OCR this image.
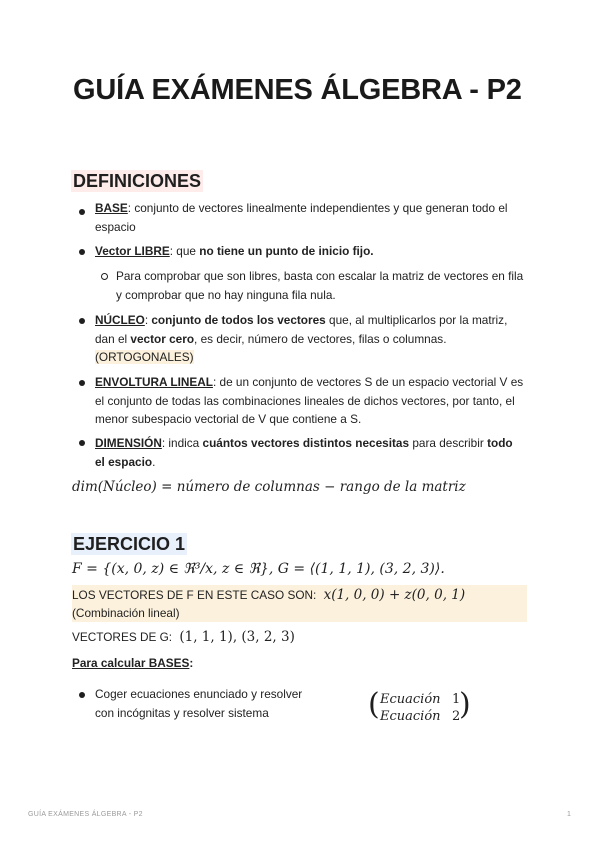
GUÍA EXÁMENES ÁLGEBRA - P2
DEFINICIONES
BASE: conjunto de vectores linealmente independientes y que generan todo el espacio
Vector LIBRE: que no tiene un punto de inicio fijo.
Para comprobar que son libres, basta con escalar la matriz de vectores en fila y comprobar que no hay ninguna fila nula.
NÚCLEO: conjunto de todos los vectores que, al multiplicarlos por la matriz, dan el vector cero, es decir, número de vectores, filas o columnas. (ORTOGONALES)
ENVOLTURA LINEAL: de un conjunto de vectores S de un espacio vectorial V es el conjunto de todas las combinaciones lineales de dichos vectores, por tanto, el menor subespacio vectorial de V que contiene a S.
DIMENSIÓN: indica cuántos vectores distintos necesitas para describir todo el espacio.
dim(Núcleo) = número de columnas − rango de la matriz
EJERCICIO 1
F = {(x, 0, z) ∈ ℜ³/x, z ∈ ℜ}, G = ⟨(1, 1, 1), (3, 2, 3)⟩.
LOS VECTORES DE F EN ESTE CASO SON: x(1, 0, 0) + z(0, 0, 1)
(Combinación lineal)
VECTORES DE G: (1, 1, 1), (3, 2, 3)
Para calcular BASES:
Coger ecuaciones enunciado y resolver con incógnitas y resolver sistema	( Ecuación 1
Ecuación 2
)
GUÍA EXÁMENES ÁLGEBRA - P2	1
